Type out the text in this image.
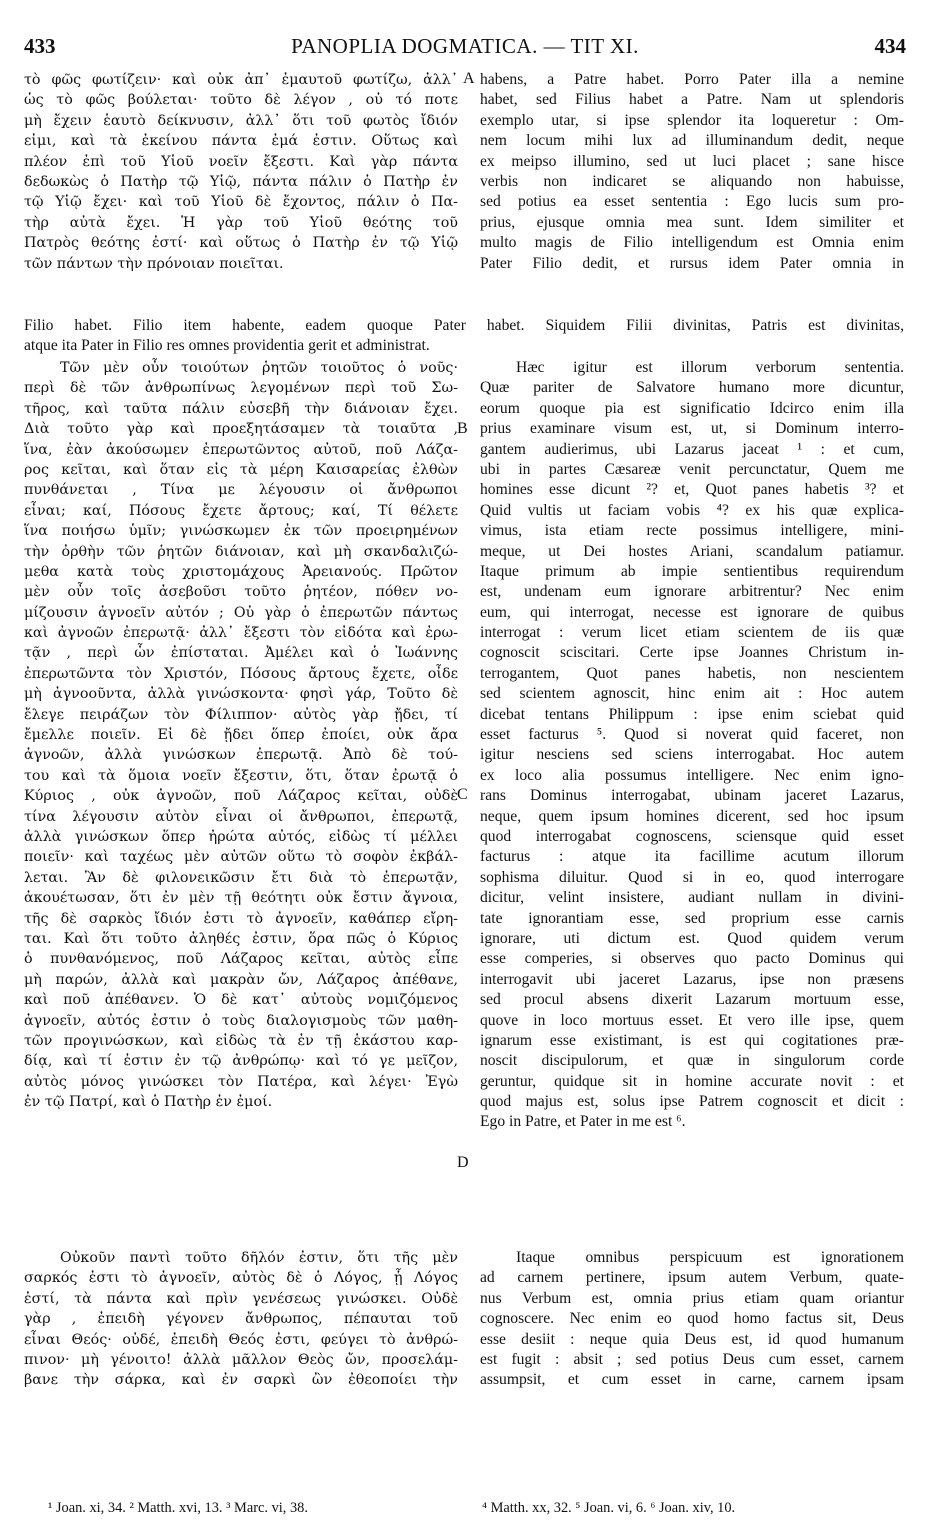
433	PANOPLIA DOGMATICA. — TIT XI.	434
τὸ φῶς φωτίζειν· καὶ οὐκ ἀπ᾽ ἐμαυτοῦ φωτίζω, ἀλλ᾽
ὡς τὸ φῶς βούλεται· τοῦτο δὲ λέγον , οὐ τό ποτε
μὴ ἔχειν ἑαυτὸ δείκνυσιν, ἀλλ᾽ ὅτι τοῦ φωτὸς ἴδιόν
εἰμι, καὶ τὰ ἐκείνου πάντα ἐμά ἐστιν. Οὕτως καὶ
πλέον ἐπὶ τοῦ Υἱοῦ νοεῖν ἔξεστι. Καὶ γὰρ πάντα
δεδωκὼς ὁ Πατὴρ τῷ Υἱῷ, πάντα πάλιν ὁ Πατὴρ ἐν
τῷ Υἱῷ ἔχει· καὶ τοῦ Υἱοῦ δὲ ἔχοντος, πάλιν ὁ Πα-
τὴρ αὐτὰ ἔχει. Ἡ γὰρ τοῦ Υἱοῦ θεότης τοῦ
Πατρὸς θεότης ἐστί· καὶ οὕτως ὁ Πατὴρ ἐν τῷ Υἱῷ
τῶν πάντων τὴν πρόνοιαν ποιεῖται.
habens, a Patre habet. Porro Pater illa a nemine
habet, sed Filius habet a Patre. Nam ut splendoris
exemplo utar, si ipse splendor ita loqueretur : Om-
nem locum mihi lux ad illuminandum dedit, neque
ex meipso illumino, sed ut luci placet ; sane hisce
verbis non indicaret se aliquando non habuisse,
sed potius ea esset sententia : Ego lucis sum pro-
prius, ejusque omnia mea sunt. Idem similiter et
multo magis de Filio intelligendum est Omnia enim
Pater Filio dedit, et rursus idem Pater omnia in
A
Filio habet. Filio item habente, eadem quoque Pater habet. Siquidem Filii divinitas, Patris est divinitas,
atque ita Pater in Filio res omnes providentia gerit et administrat.
Τῶν μὲν οὖν τοιούτων ῥητῶν τοιοῦτος ὁ νοῦς·
περὶ δὲ τῶν ἀνθρωπίνως λεγομένων περὶ τοῦ Σω-
τῆρος, καὶ ταῦτα πάλιν εὐσεβῆ τὴν διάνοιαν ἔχει.
Διὰ τοῦτο γὰρ καὶ προεξητάσαμεν τὰ τοιαῦτα ,
ἵνα, ἐὰν ἀκούσωμεν ἐπερωτῶντος αὐτοῦ, ποῦ Λάζα-
ρος κεῖται, καὶ ὅταν εἰς τὰ μέρη Καισαρείας ἐλθὼν
πυνθάνεται , Τίνα με λέγουσιν οἱ ἄνθρωποι
εἶναι; καί, Πόσους ἔχετε ἄρτους; καί, Τί θέλετε
ἵνα ποιήσω ὑμῖν; γινώσκωμεν ἐκ τῶν προειρημένων
τὴν ὀρθὴν τῶν ῥητῶν διάνοιαν, καὶ μὴ σκανδαλιζώ-
μεθα κατὰ τοὺς χριστομάχους Ἀρειανούς. Πρῶτον
μὲν οὖν τοῖς ἀσεβοῦσι τοῦτο ῥητέον, πόθεν νο-
μίζουσιν ἀγνοεῖν αὐτόν ; Οὐ γὰρ ὁ ἐπερωτῶν πάντως
καὶ ἀγνοῶν ἐπερωτᾷ· ἀλλ᾽ ἔξεστι τὸν εἰδότα καὶ ἐρω-
τᾷν , περὶ ὧν ἐπίσταται. Ἀμέλει καὶ ὁ Ἰωάννης
ἐπερωτῶντα τὸν Χριστόν, Πόσους ἄρτους ἔχετε, οἶδε
μὴ ἀγνοοῦντα, ἀλλὰ γινώσκοντα· φησὶ γάρ, Τοῦτο δὲ
ἔλεγε πειράζων τὸν Φίλιππον· αὐτὸς γὰρ ᾔδει, τί
ἔμελλε ποιεῖν. Εἰ δὲ ᾔδει ὅπερ ἐποίει, οὐκ ἄρα
ἀγνοῶν, ἀλλὰ γινώσκων ἐπερωτᾷ. Ἀπὸ δὲ τού-
του καὶ τὰ ὅμοια νοεῖν ἔξεστιν, ὅτι, ὅταν ἐρωτᾷ ὁ
Κύριος , οὐκ ἀγνοῶν, ποῦ Λάζαρος κεῖται, οὐδὲ
τίνα λέγουσιν αὐτὸν εἶναι οἱ ἄνθρωποι, ἐπερωτᾷ,
ἀλλὰ γινώσκων ὅπερ ἠρώτα αὐτός, εἰδὼς τί μέλλει
ποιεῖν· καὶ ταχέως μὲν αὐτῶν οὕτω τὸ σοφὸν ἐκβάλ-
λεται. Ἂν δὲ φιλονεικῶσιν ἔτι διὰ τὸ ἐπερωτᾷν,
ἀκουέτωσαν, ὅτι ἐν μὲν τῇ θεότητι οὐκ ἔστιν ἄγνοια,
τῆς δὲ σαρκὸς ἴδιόν ἐστι τὸ ἀγνοεῖν, καθάπερ εἴρη-
ται. Καὶ ὅτι τοῦτο ἀληθές ἐστιν, ὅρα πῶς ὁ Κύριος
ὁ πυνθανόμενος, ποῦ Λάζαρος κεῖται, αὐτὸς εἶπε
μὴ παρών, ἀλλὰ καὶ μακρὰν ὤν, Λάζαρος ἀπέθανε,
καὶ ποῦ ἀπέθανεν. Ὁ δὲ κατ᾽ αὐτοὺς νομιζόμενος
ἀγνοεῖν, αὐτός ἐστιν ὁ τοὺς διαλογισμοὺς τῶν μαθη-
τῶν προγινώσκων, καὶ εἰδὼς τὰ ἐν τῇ ἑκάστου καρ-
δίᾳ, καὶ τί ἐστιν ἐν τῷ ἀνθρώπῳ· καὶ τό γε μεῖζον,
αὐτὸς μόνος γινώσκει τὸν Πατέρα, καὶ λέγει· Ἐγὼ
ἐν τῷ Πατρί, καὶ ὁ Πατὴρ ἐν ἐμοί.
Hæc igitur est illorum verborum sententia.
Quæ pariter de Salvatore humano more dicuntur,
eorum quoque pia est significatio Idcirco enim illa
prius examinare visum est, ut, si Dominum interro-
gantem audierimus, ubi Lazarus jaceat ¹ : et cum,
ubi in partes Cæsareæ venit percunctatur, Quem me
homines esse dicunt ²? et, Quot panes habetis ³? et
Quid vultis ut faciam vobis ⁴? ex his quæ explica-
vimus, ista etiam recte possimus intelligere, mini-
meque, ut Dei hostes Ariani, scandalum patiamur.
Itaque primum ab impie sentientibus requirendum
est, undenam eum ignorare arbitrentur? Nec enim
eum, qui interrogat, necesse est ignorare de quibus
interrogat : verum licet etiam scientem de iis quæ
cognoscit sciscitari. Certe ipse Joannes Christum in-
terrogantem, Quot panes habetis, non nescientem
sed scientem agnoscit, hinc enim ait : Hoc autem
dicebat tentans Philippum : ipse enim sciebat quid
esset facturus ⁵. Quod si noverat quid faceret, non
igitur nesciens sed sciens interrogabat. Hoc autem
ex loco alia possumus intelligere. Nec enim igno-
rans Dominus interrogabat, ubinam jaceret Lazarus,
neque, quem ipsum homines dicerent, sed hoc ipsum
quod interrogabat cognoscens, sciensque quid esset
facturus : atque ita facillime acutum illorum
sophisma diluitur. Quod si in eo, quod interrogare
dicitur, velint insistere, audiant nullam in divini-
tate ignorantiam esse, sed proprium esse carnis
ignorare, uti dictum est. Quod quidem verum
esse comperies, si observes quo pacto Dominus qui
interrogavit ubi jaceret Lazarus, ipse non præsens
sed procul absens dixerit Lazarum mortuum esse,
quove in loco mortuus esset. Et vero ille ipse, quem
ignarum esse existimant, is est qui cogitationes præ-
noscit discipulorum, et quæ in singulorum corde
geruntur, quidque sit in homine accurate novit : et
quod majus est, solus ipse Patrem cognoscit et dicit :
Ego in Patre, et Pater in me est ⁶.
B
C
D
Οὐκοῦν παντὶ τοῦτο δῆλόν ἐστιν, ὅτι τῆς μὲν
σαρκός ἐστι τὸ ἀγνοεῖν, αὐτὸς δὲ ὁ Λόγος, ᾗ Λόγος
ἐστί, τὰ πάντα καὶ πρὶν γενέσεως γινώσκει. Οὐδὲ
γὰρ , ἐπειδὴ γέγονεν ἄνθρωπος, πέπαυται τοῦ
εἶναι Θεός· οὐδέ, ἐπειδὴ Θεός ἐστι, φεύγει τὸ ἀνθρώ-
πινον· μὴ γένοιτο! ἀλλὰ μᾶλλον Θεὸς ὤν, προσελάμ-
βανε τὴν σάρκα, καὶ ἐν σαρκὶ ὢν ἐθεοποίει τὴν
Itaque omnibus perspicuum est ignorationem
ad carnem pertinere, ipsum autem Verbum, quate-
nus Verbum est, omnia prius etiam quam oriantur
cognoscere. Nec enim eo quod homo factus sit, Deus
esse desiit : neque quia Deus est, id quod humanum
est fugit : absit ; sed potius Deus cum esset, carnem
assumpsit, et cum esset in carne, carnem ipsam
¹ Joan. xi, 34. ² Matth. xvi, 13. ³ Marc. vi, 38.	⁴ Matth. xx, 32. ⁵ Joan. vi, 6. ⁶ Joan. xiv, 10.
